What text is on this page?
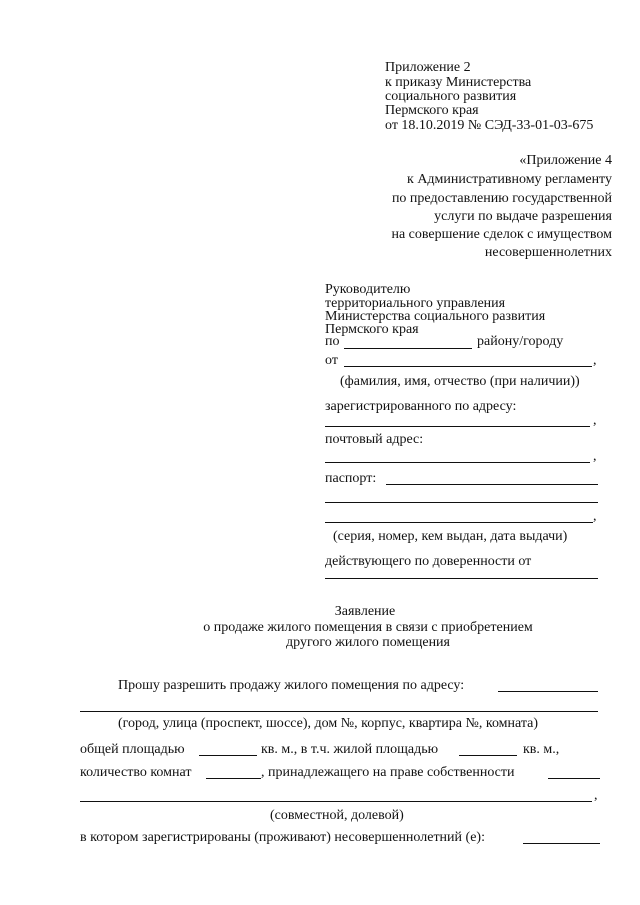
Приложение 2
к приказу Министерства
социального развития
Пермского края
от 18.10.2019 № СЭД-33-01-03-675
«Приложение 4
к Административному регламенту
по предоставлению государственной
услуги по выдаче разрешения
на совершение сделок с имуществом
несовершеннолетних
Руководителю
территориального управления
Министерства социального развития
Пермского края
по	району/городу
от	,
(фамилия, имя, отчество (при наличии))
зарегистрированного по адресу:
,
почтовый адрес:
,
паспорт:
,
(серия, номер, кем выдан, дата выдачи)
действующего по доверенности от
Заявление
о продаже жилого помещения в связи с приобретением
другого жилого помещения
Прошу разрешить продажу жилого помещения по адресу:
(город, улица (проспект, шоссе), дом №, корпус, квартира №, комната)
общей площадью	кв. м., в т.ч. жилой площадью	кв. м.,
количество комнат	, принадлежащего на праве собственности
,
(совместной, долевой)
в котором зарегистрированы (проживают) несовершеннолетний (е):
